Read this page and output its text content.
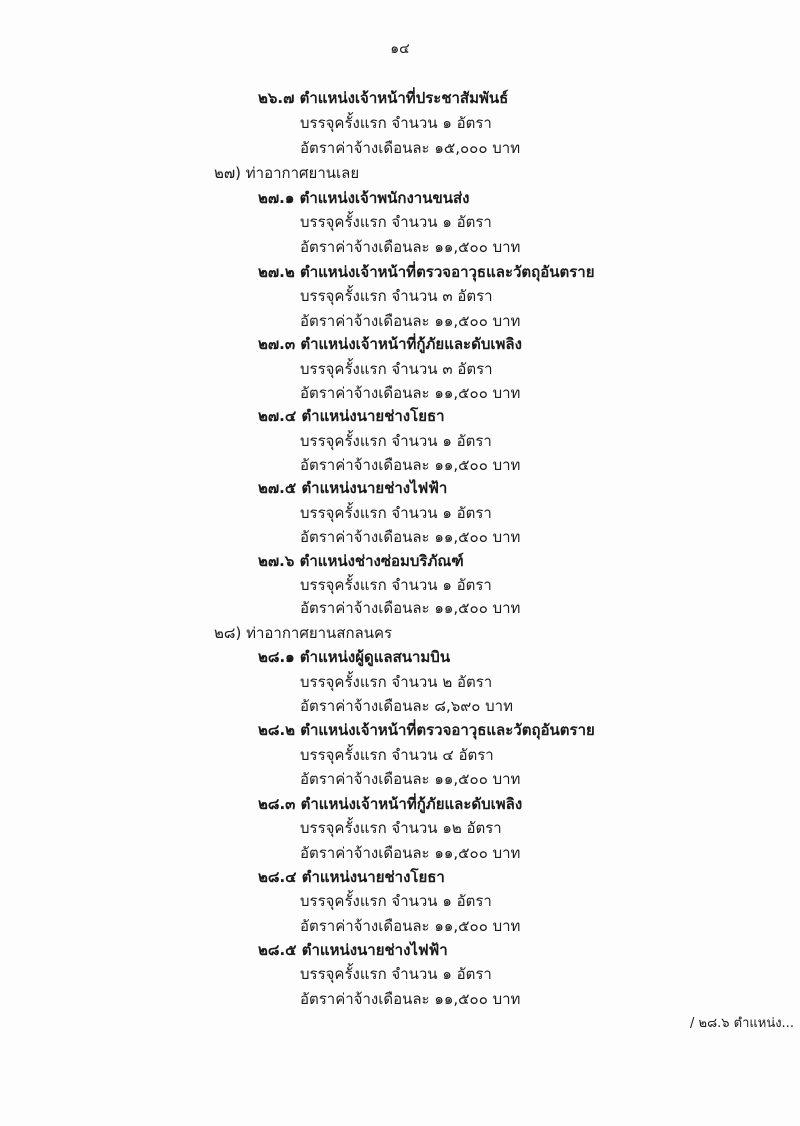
๑๔
๒๖.๗ ตำแหน่งเจ้าหน้าที่ประชาสัมพันธ์
บรรจุครั้งแรก จำนวน ๑ อัตรา
อัตราค่าจ้างเดือนละ ๑๕,๐๐๐ บาท
๒๗) ท่าอากาศยานเลย
๒๗.๑ ตำแหน่งเจ้าพนักงานขนส่ง
บรรจุครั้งแรก จำนวน ๑ อัตรา
อัตราค่าจ้างเดือนละ ๑๑,๕๐๐ บาท
๒๗.๒ ตำแหน่งเจ้าหน้าที่ตรวจอาวุธและวัตถุอันตราย
บรรจุครั้งแรก จำนวน ๓ อัตรา
อัตราค่าจ้างเดือนละ ๑๑,๕๐๐ บาท
๒๗.๓ ตำแหน่งเจ้าหน้าที่กู้ภัยและดับเพลิง
บรรจุครั้งแรก จำนวน ๓ อัตรา
อัตราค่าจ้างเดือนละ ๑๑,๕๐๐ บาท
๒๗.๔ ตำแหน่งนายช่างโยธา
บรรจุครั้งแรก จำนวน ๑ อัตรา
อัตราค่าจ้างเดือนละ ๑๑,๕๐๐ บาท
๒๗.๕ ตำแหน่งนายช่างไฟฟ้า
บรรจุครั้งแรก จำนวน ๑ อัตรา
อัตราค่าจ้างเดือนละ ๑๑,๕๐๐ บาท
๒๗.๖ ตำแหน่งช่างซ่อมบริภัณฑ์
บรรจุครั้งแรก จำนวน ๑ อัตรา
อัตราค่าจ้างเดือนละ ๑๑,๕๐๐ บาท
๒๘) ท่าอากาศยานสกลนคร
๒๘.๑ ตำแหน่งผู้ดูแลสนามบิน
บรรจุครั้งแรก จำนวน ๒ อัตรา
อัตราค่าจ้างเดือนละ ๘,๖๙๐ บาท
๒๘.๒ ตำแหน่งเจ้าหน้าที่ตรวจอาวุธและวัตถุอันตราย
บรรจุครั้งแรก จำนวน ๔ อัตรา
อัตราค่าจ้างเดือนละ ๑๑,๕๐๐ บาท
๒๘.๓ ตำแหน่งเจ้าหน้าที่กู้ภัยและดับเพลิง
บรรจุครั้งแรก จำนวน ๑๒ อัตรา
อัตราค่าจ้างเดือนละ ๑๑,๕๐๐ บาท
๒๘.๔ ตำแหน่งนายช่างโยธา
บรรจุครั้งแรก จำนวน ๑ อัตรา
อัตราค่าจ้างเดือนละ ๑๑,๕๐๐ บาท
๒๘.๕ ตำแหน่งนายช่างไฟฟ้า
บรรจุครั้งแรก จำนวน ๑ อัตรา
อัตราค่าจ้างเดือนละ ๑๑,๕๐๐ บาท
/ ๒๘.๖ ตำแหน่ง...
